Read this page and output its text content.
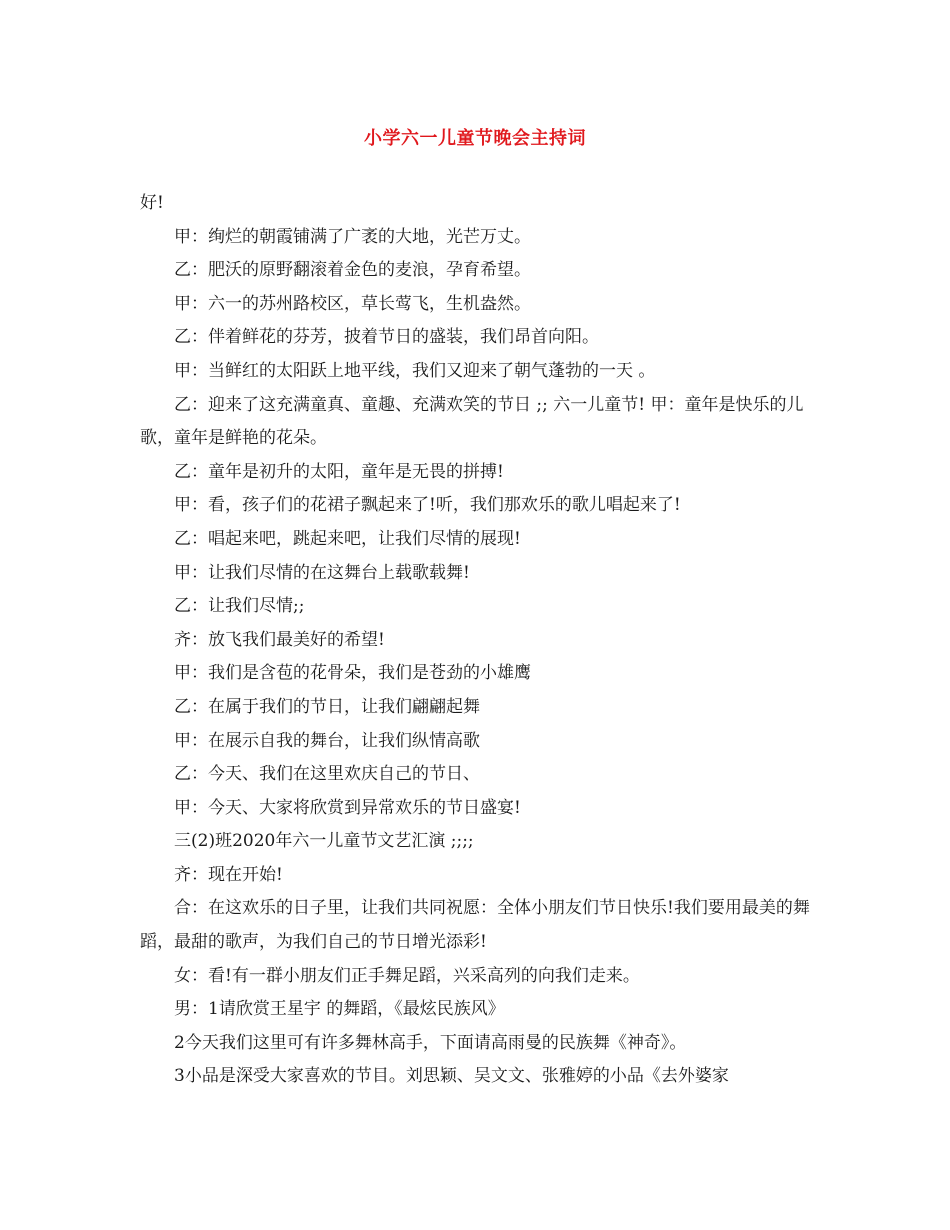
小学六一儿童节晚会主持词

好!

甲：绚烂的朝霞铺满了广袤的大地，光芒万丈。

乙：肥沃的原野翻滚着金色的麦浪，孕育希望。

甲：六一的苏州路校区，草长莺飞，生机盎然。

乙：伴着鲜花的芬芳，披着节日的盛装，我们昂首向阳。

甲：当鲜红的太阳跃上地平线，我们又迎来了朝气蓬勃的一天 。

乙：迎来了这充满童真、童趣、充满欢笑的节日 ;; 六一儿童节! 甲：童年是快乐的儿歌，童年是鲜艳的花朵。

乙：童年是初升的太阳，童年是无畏的拼搏!

甲：看，孩子们的花裙子飘起来了!听，我们那欢乐的歌儿唱起来了!

乙：唱起来吧，跳起来吧，让我们尽情的展现!

甲：让我们尽情的在这舞台上载歌载舞!

乙：让我们尽情;;

齐：放飞我们最美好的希望!

甲：我们是含苞的花骨朵，我们是苍劲的小雄鹰

乙：在属于我们的节日，让我们翩翩起舞

甲：在展示自我的舞台，让我们纵情高歌

乙：今天、我们在这里欢庆自己的节日、

甲：今天、大家将欣赏到异常欢乐的节日盛宴!

三(2)班2020年六一儿童节文艺汇演 ;;;;

齐：现在开始!

合：在这欢乐的日子里，让我们共同祝愿：全体小朋友们节日快乐!我们要用最美的舞蹈，最甜的歌声，为我们自己的节日增光添彩!

女：看!有一群小朋友们正手舞足蹈，兴采高列的向我们走来。

男：1请欣赏王星宇 的舞蹈，《最炫民族风》

2今天我们这里可有许多舞林高手，下面请高雨曼的民族舞《神奇》。

3小品是深受大家喜欢的节目。刘思颖、吴文文、张雅婷的小品《去外婆家
